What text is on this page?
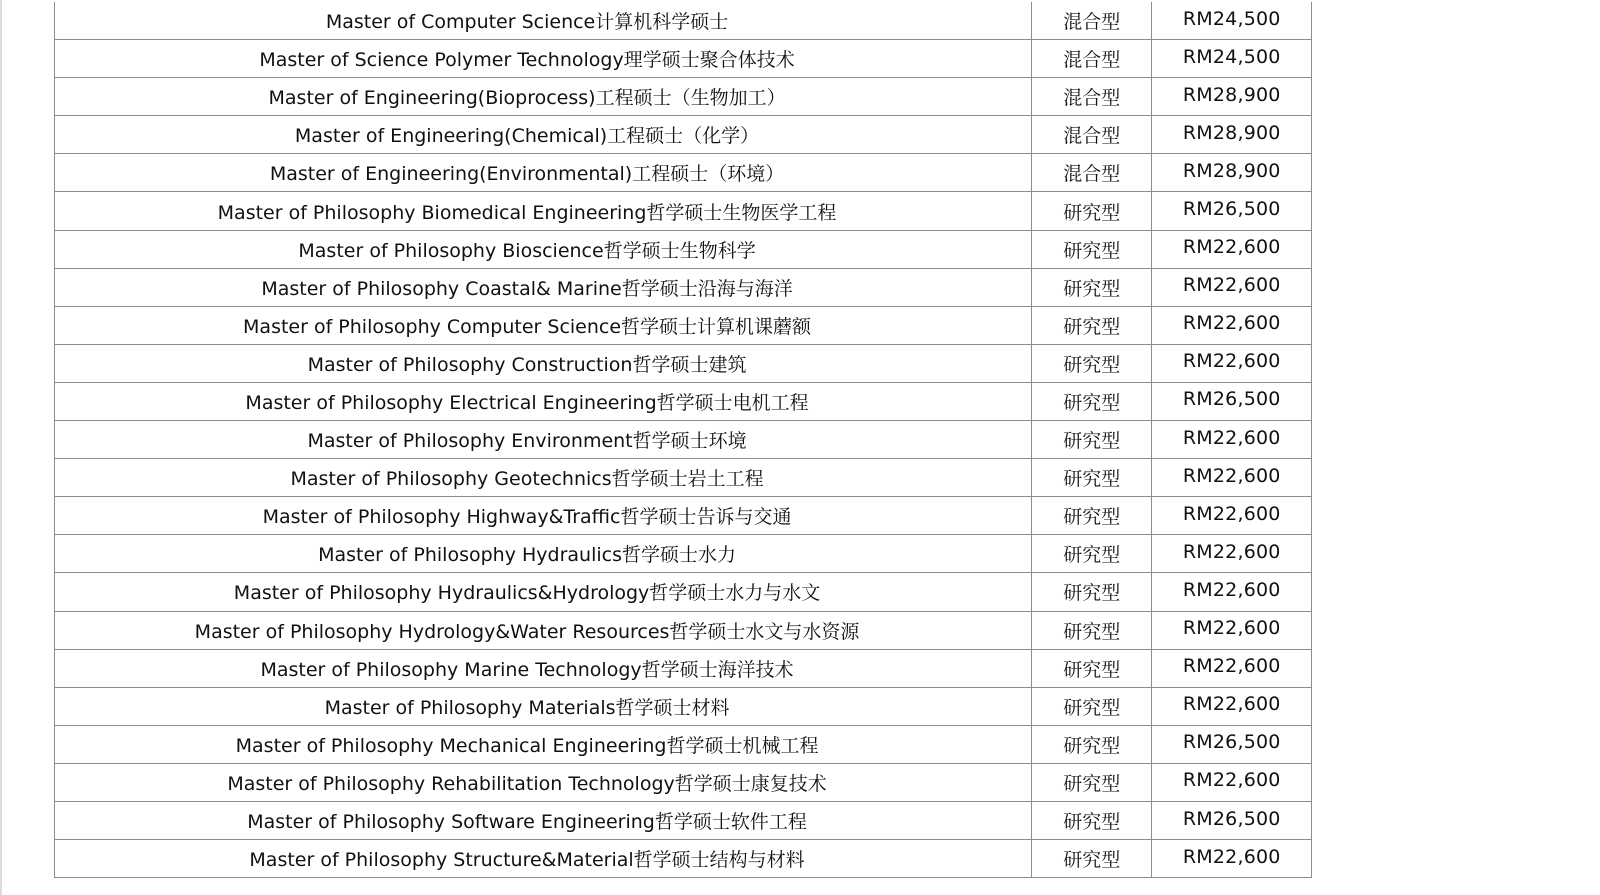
Master of Computer Science计算机科学硕士	混合型	RM24,500
Master of Science Polymer Technology理学硕士聚合体技术	混合型	RM24,500
Master of Engineering(Bioprocess)工程硕士（生物加工）	混合型	RM28,900
Master of Engineering(Chemical)工程硕士（化学）	混合型	RM28,900
Master of Engineering(Environmental)工程硕士（环境）	混合型	RM28,900
Master of Philosophy Biomedical Engineering哲学硕士生物医学工程	研究型	RM26,500
Master of Philosophy Bioscience哲学硕士生物科学	研究型	RM22,600
Master of Philosophy Coastal& Marine哲学硕士沿海与海洋	研究型	RM22,600
Master of Philosophy Computer Science哲学硕士计算机课蘑额	研究型	RM22,600
Master of Philosophy Construction哲学硕士建筑	研究型	RM22,600
Master of Philosophy Electrical Engineering哲学硕士电机工程	研究型	RM26,500
Master of Philosophy Environment哲学硕士环境	研究型	RM22,600
Master of Philosophy Geotechnics哲学硕士岩土工程	研究型	RM22,600
Master of Philosophy Highway&Traffic哲学硕士告诉与交通	研究型	RM22,600
Master of Philosophy Hydraulics哲学硕士水力	研究型	RM22,600
Master of Philosophy Hydraulics&Hydrology哲学硕士水力与水文	研究型	RM22,600
Master of Philosophy Hydrology&Water Resources哲学硕士水文与水资源	研究型	RM22,600
Master of Philosophy Marine Technology哲学硕士海洋技术	研究型	RM22,600
Master of Philosophy Materials哲学硕士材料	研究型	RM22,600
Master of Philosophy Mechanical Engineering哲学硕士机械工程	研究型	RM26,500
Master of Philosophy Rehabilitation Technology哲学硕士康复技术	研究型	RM22,600
Master of Philosophy Software Engineering哲学硕士软件工程	研究型	RM26,500
Master of Philosophy Structure&Material哲学硕士结构与材料	研究型	RM22,600
